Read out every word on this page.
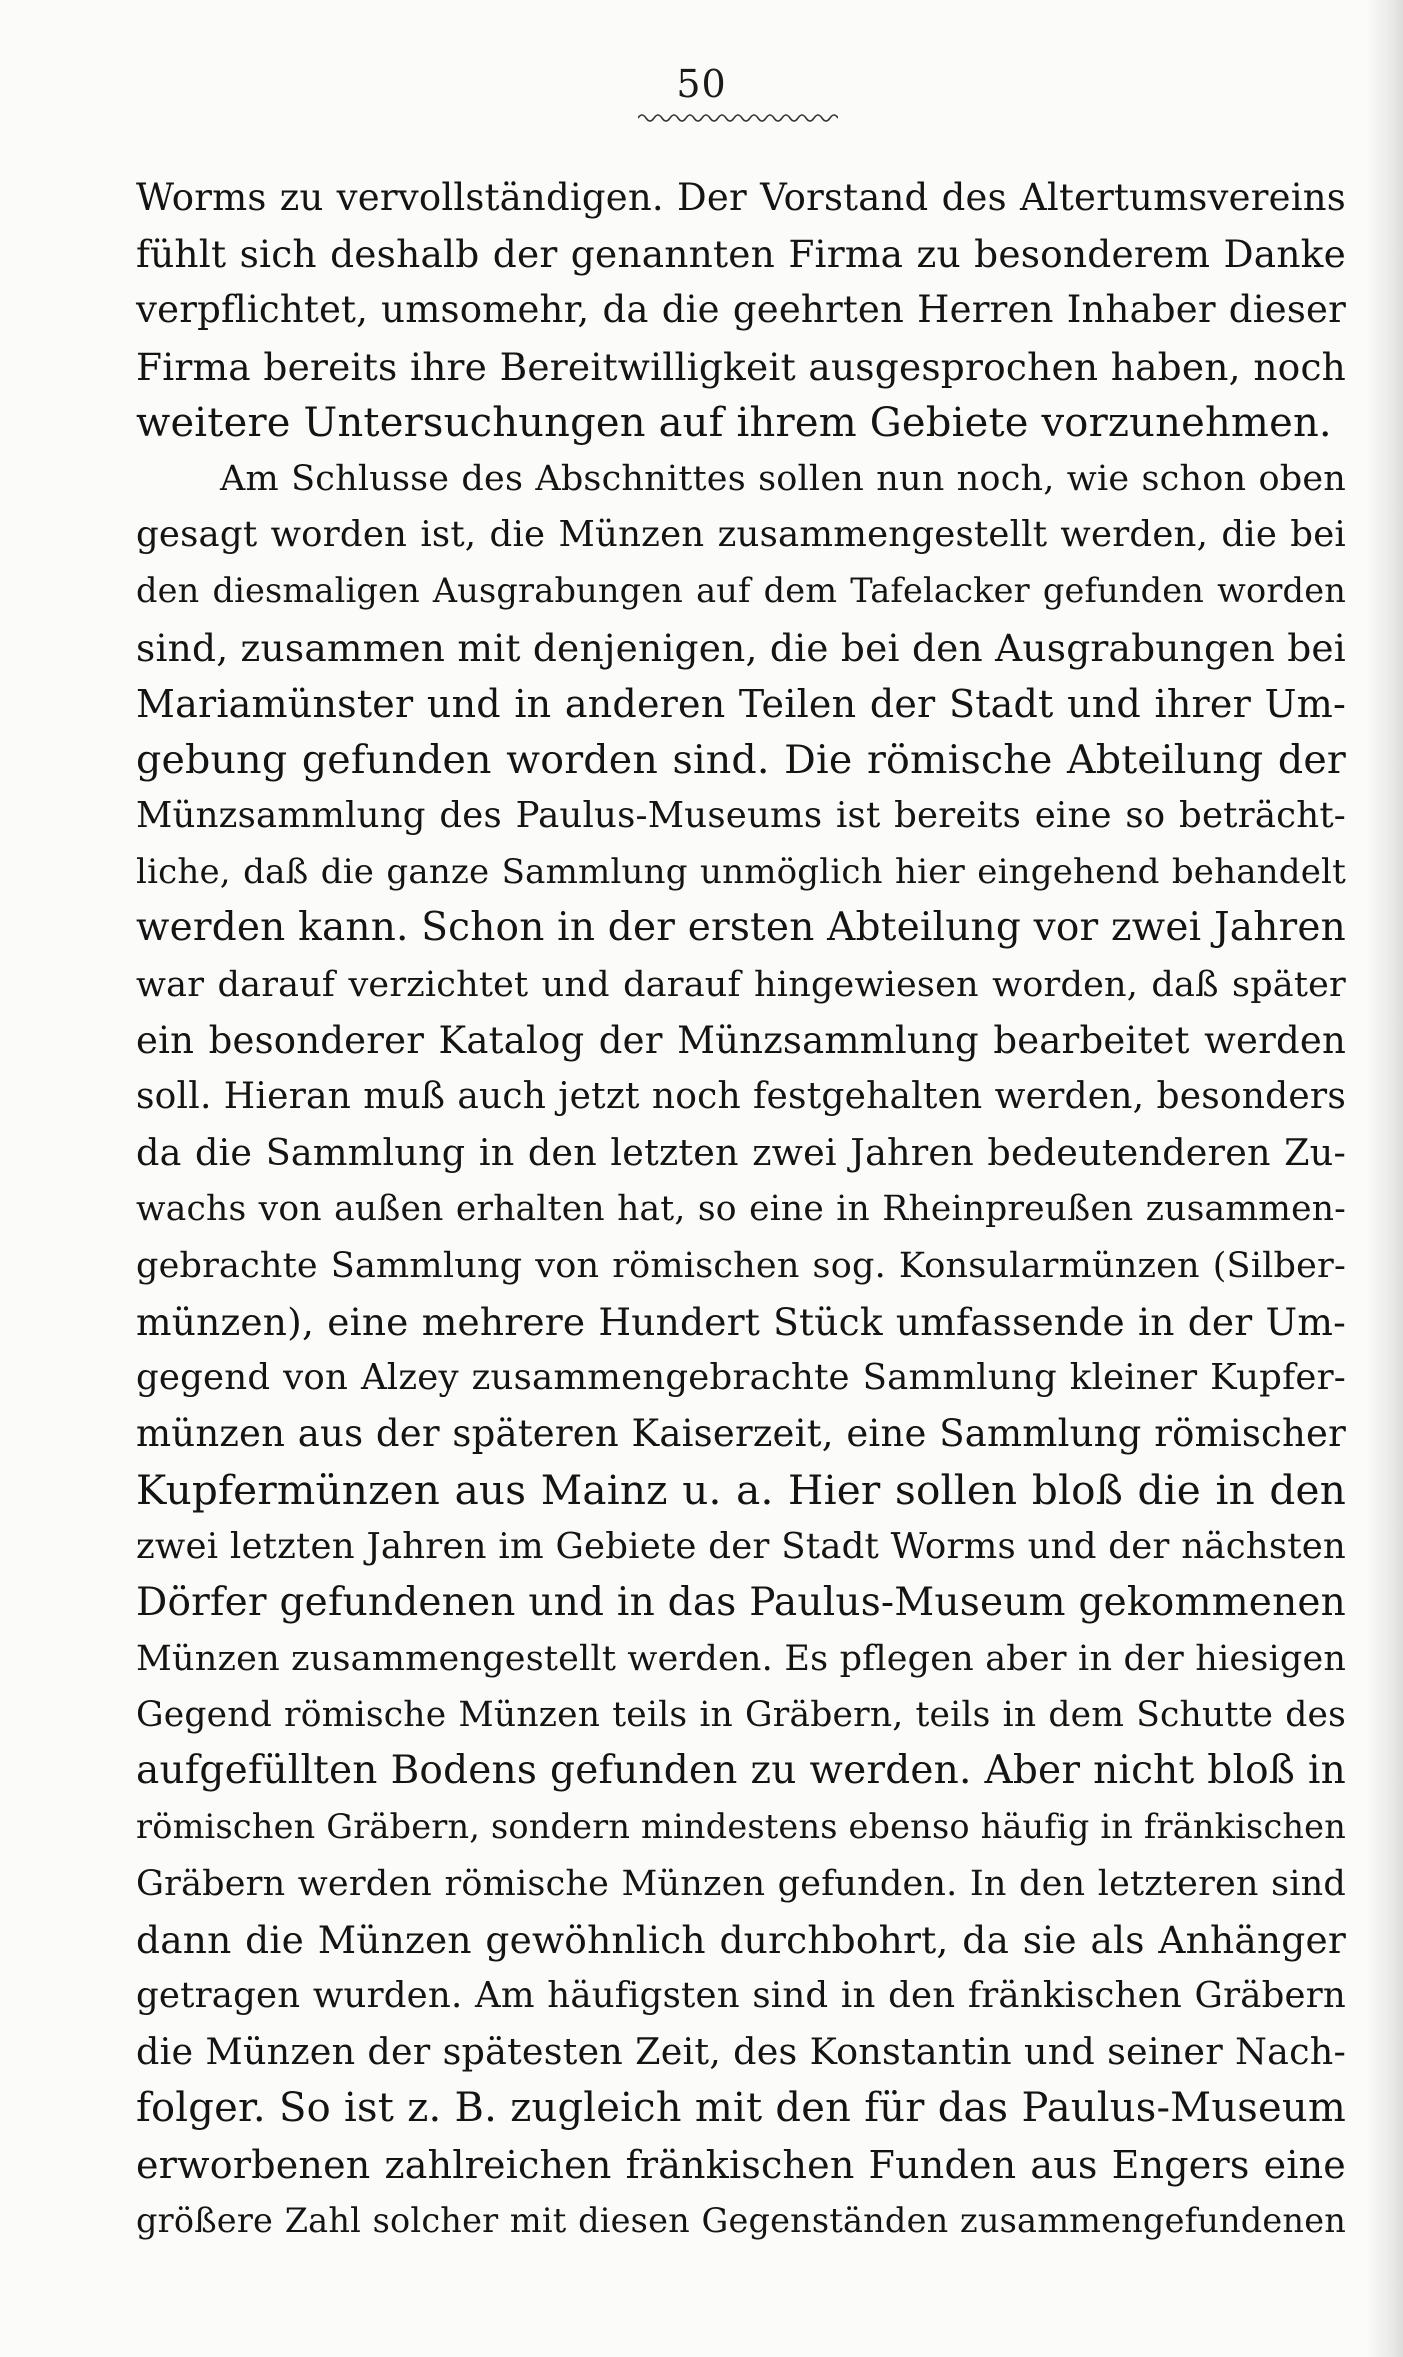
50
Worms zu vervollständigen. Der Vorstand des Altertumsvereins
fühlt sich deshalb der genannten Firma zu besonderem Danke
verpflichtet, umsomehr, da die geehrten Herren Inhaber dieser
Firma bereits ihre Bereitwilligkeit ausgesprochen haben, noch
weitere Untersuchungen auf ihrem Gebiete vorzunehmen.
Am Schlusse des Abschnittes sollen nun noch, wie schon oben
gesagt worden ist, die Münzen zusammengestellt werden, die bei
den diesmaligen Ausgrabungen auf dem Tafelacker gefunden worden
sind, zusammen mit denjenigen, die bei den Ausgrabungen bei
Mariamünster und in anderen Teilen der Stadt und ihrer Um-
gebung gefunden worden sind. Die römische Abteilung der
Münzsammlung des Paulus-Museums ist bereits eine so beträcht-
liche, daß die ganze Sammlung unmöglich hier eingehend behandelt
werden kann. Schon in der ersten Abteilung vor zwei Jahren
war darauf verzichtet und darauf hingewiesen worden, daß später
ein besonderer Katalog der Münzsammlung bearbeitet werden
soll. Hieran muß auch jetzt noch festgehalten werden, besonders
da die Sammlung in den letzten zwei Jahren bedeutenderen Zu-
wachs von außen erhalten hat, so eine in Rheinpreußen zusammen-
gebrachte Sammlung von römischen sog. Konsularmünzen (Silber-
münzen), eine mehrere Hundert Stück umfassende in der Um-
gegend von Alzey zusammengebrachte Sammlung kleiner Kupfer-
münzen aus der späteren Kaiserzeit, eine Sammlung römischer
Kupfermünzen aus Mainz u. a. Hier sollen bloß die in den
zwei letzten Jahren im Gebiete der Stadt Worms und der nächsten
Dörfer gefundenen und in das Paulus-Museum gekommenen
Münzen zusammengestellt werden. Es pflegen aber in der hiesigen
Gegend römische Münzen teils in Gräbern, teils in dem Schutte des
aufgefüllten Bodens gefunden zu werden. Aber nicht bloß in
römischen Gräbern, sondern mindestens ebenso häufig in fränkischen
Gräbern werden römische Münzen gefunden. In den letzteren sind
dann die Münzen gewöhnlich durchbohrt, da sie als Anhänger
getragen wurden. Am häufigsten sind in den fränkischen Gräbern
die Münzen der spätesten Zeit, des Konstantin und seiner Nach-
folger. So ist z. B. zugleich mit den für das Paulus-Museum
erworbenen zahlreichen fränkischen Funden aus Engers eine
größere Zahl solcher mit diesen Gegenständen zusammengefundenen
